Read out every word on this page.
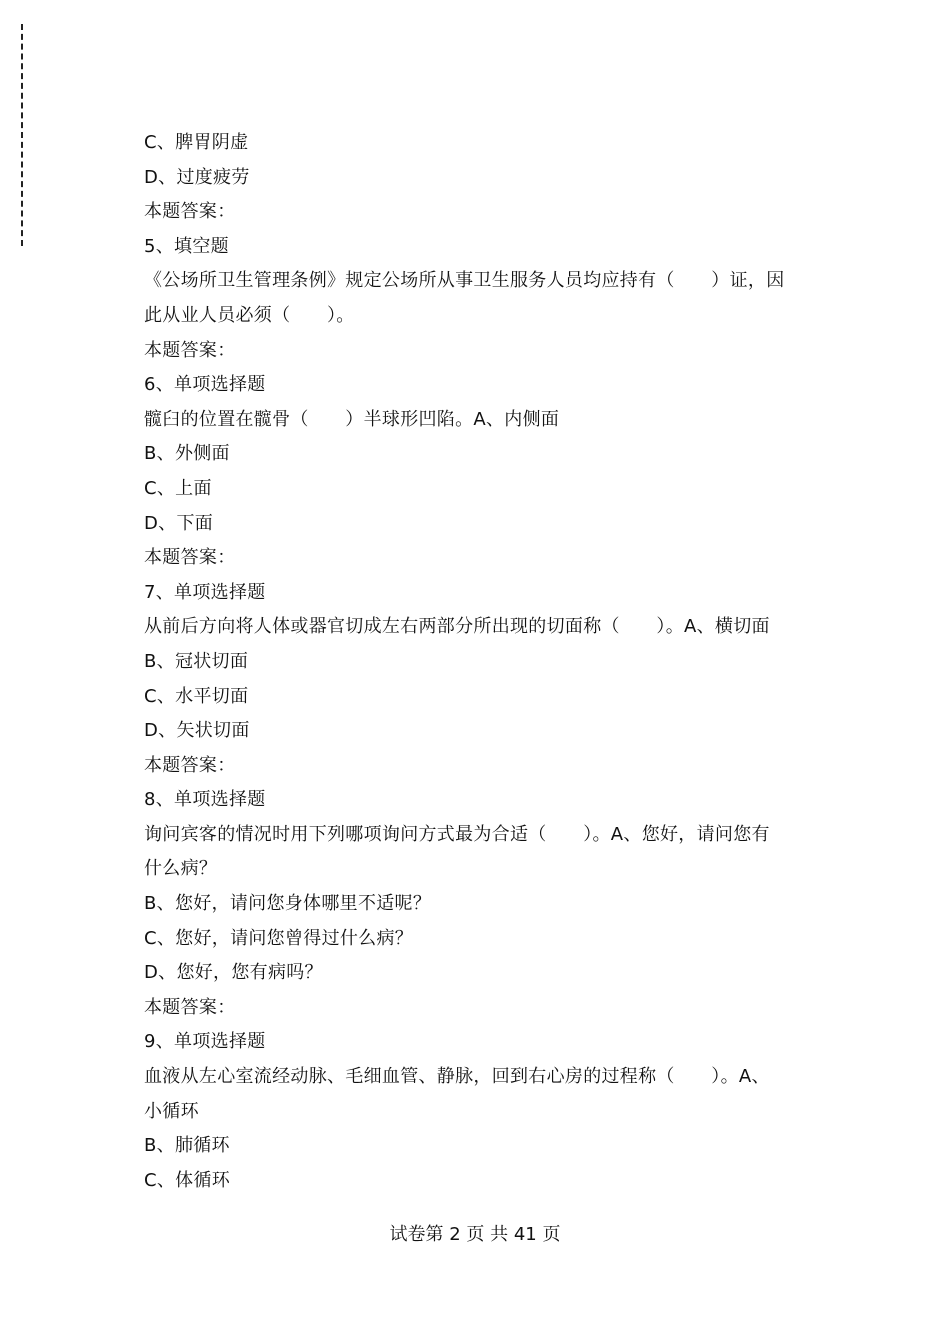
C、脾胃阴虚
D、过度疲劳
本题答案：
5、填空题
《公场所卫生管理条例》规定公场所从事卫生服务人员均应持有（　　）证，因
此从业人员必须（　　）。
本题答案：
6、单项选择题
髋臼的位置在髋骨（　　）半球形凹陷。A、内侧面
B、外侧面
C、上面
D、下面
本题答案：
7、单项选择题
从前后方向将人体或器官切成左右两部分所出现的切面称（　　）。A、横切面
B、冠状切面
C、水平切面
D、矢状切面
本题答案：
8、单项选择题
询问宾客的情况时用下列哪项询问方式最为合适（　　）。A、您好，请问您有
什么病？
B、您好，请问您身体哪里不适呢？
C、您好，请问您曾得过什么病？
D、您好，您有病吗？
本题答案：
9、单项选择题
血液从左心室流经动脉、毛细血管、静脉，回到右心房的过程称（　　）。A、
小循环
B、肺循环
C、体循环
试卷第 2 页 共 41 页
